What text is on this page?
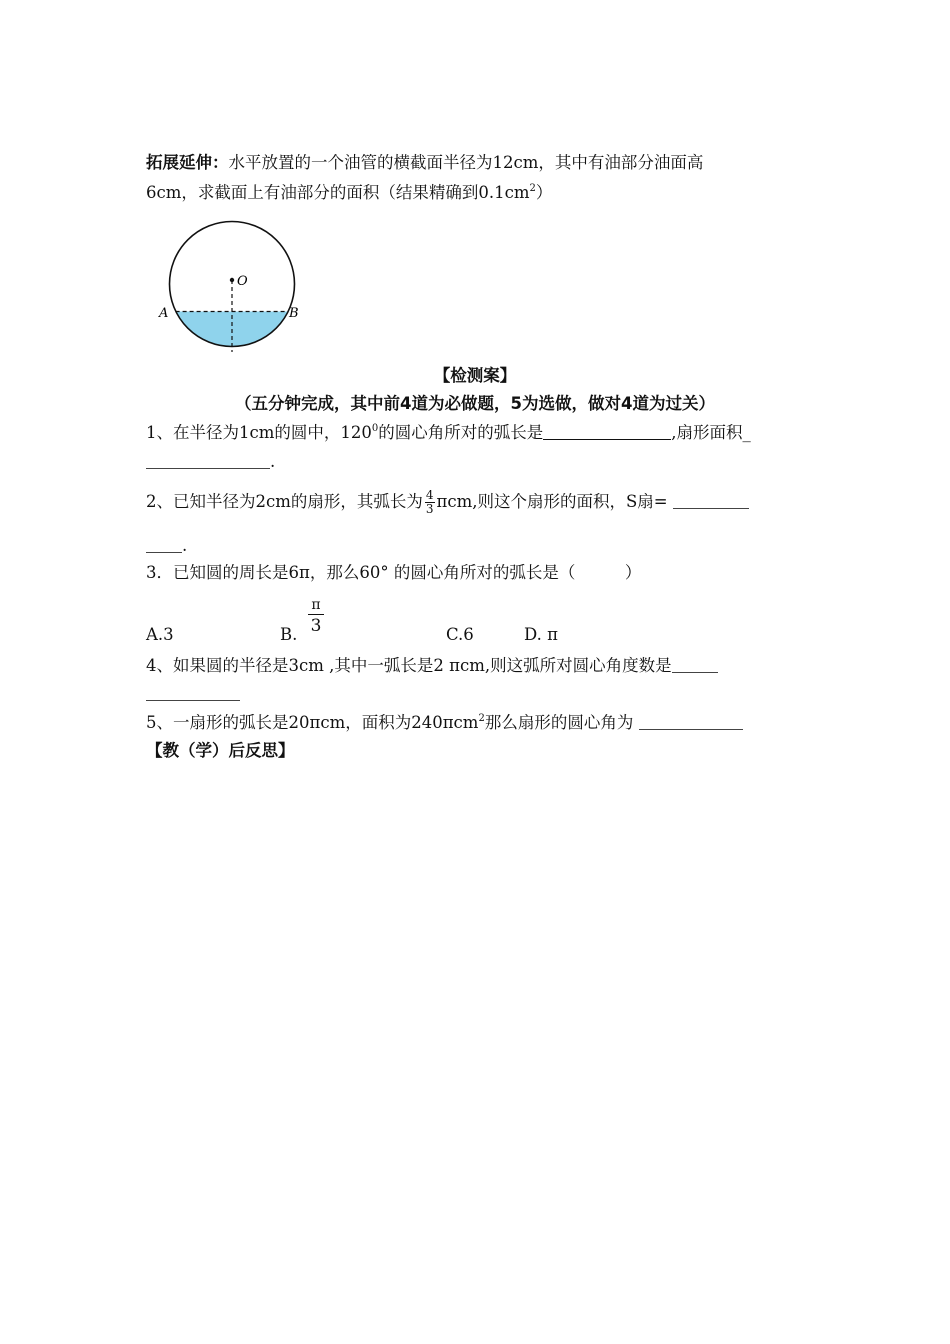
拓展延伸：水平放置的一个油管的横截面半径为12cm，其中有油部分油面高
6cm，求截面上有油部分的面积（结果精确到$0.1cm^2$）
O
A	B
【检测案】
（五分钟完成，其中前4道为必做题，5为选做，做对4道为过关）
1、在半径为1cm的圆中，$120^0$的圆心角所对的弧长是	,扇形面积_
.
2、已知半径为2cm的扇形，其弧长为 $\frac{4}{3} \pi cm$,则这个扇形的面积，S扇=
.
3．已知圆的周长是6π，那么60° 的圆心角所对的弧长是（　　　）
A.3	B.	C.6	D. π
π
3
4、如果圆的半径是3cm ,其中一弧长是2 πcm,则这弧所对圆心角度数是
5、一扇形的弧长是20πcm，面积为240πcm$^2$那么扇形的圆心角为
【教（学）后反思】
